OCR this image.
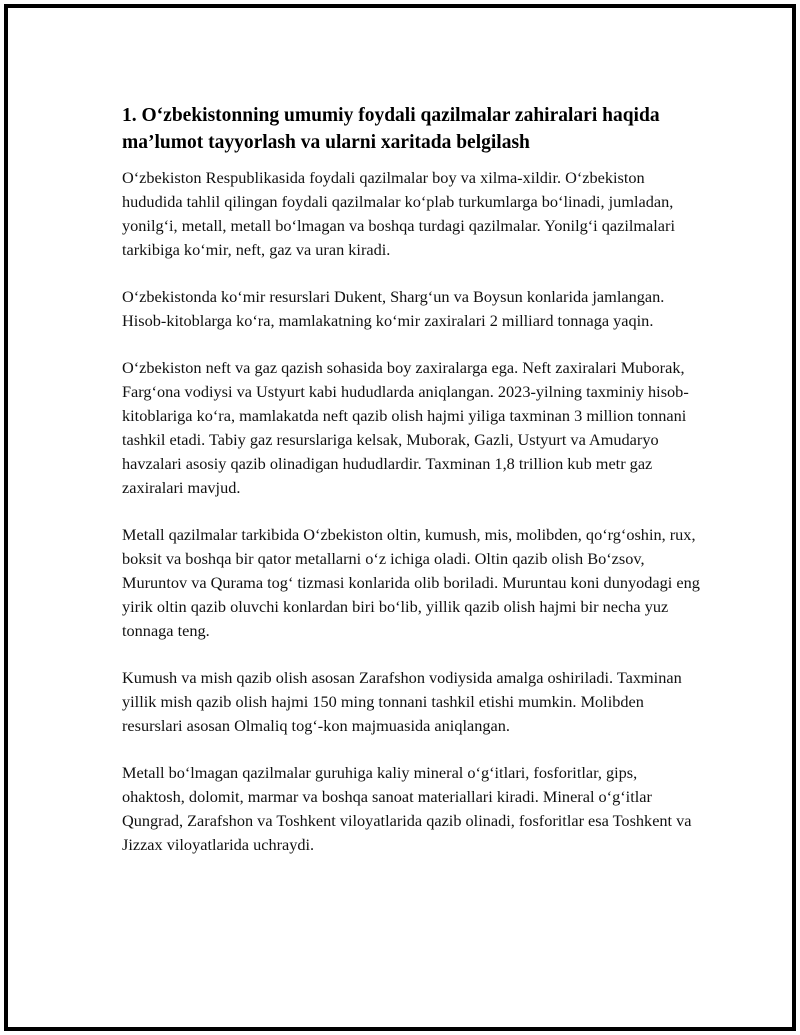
1. O‘zbekistonning umumiy foydali qazilmalar zahiralari haqida ma’lumot tayyorlash va ularni xaritada belgilash

O‘zbekiston Respublikasida foydali qazilmalar boy va xilma-xildir. O‘zbekiston hududida tahlil qilingan foydali qazilmalar ko‘plab turkumlarga bo‘linadi, jumladan, yonilg‘i, metall, metall bo‘lmagan va boshqa turdagi qazilmalar. Yonilg‘i qazilmalari tarkibiga ko‘mir, neft, gaz va uran kiradi.

O‘zbekistonda ko‘mir resurslari Dukent, Sharg‘un va Boysun konlarida jamlangan. Hisob-kitoblarga ko‘ra, mamlakatning ko‘mir zaxiralari 2 milliard tonnaga yaqin.

O‘zbekiston neft va gaz qazish sohasida boy zaxiralarga ega. Neft zaxiralari Muborak, Farg‘ona vodiysi va Ustyurt kabi hududlarda aniqlangan. 2023-yilning taxminiy hisob-kitoblariga ko‘ra, mamlakatda neft qazib olish hajmi yiliga taxminan 3 million tonnani tashkil etadi. Tabiy gaz resurslariga kelsak, Muborak, Gazli, Ustyurt va Amudaryo havzalari asosiy qazib olinadigan hududlardir. Taxminan 1,8 trillion kub metr gaz zaxiralari mavjud.

Metall qazilmalar tarkibida O‘zbekiston oltin, kumush, mis, molibden, qo‘rg‘oshin, rux, boksit va boshqa bir qator metallarni o‘z ichiga oladi. Oltin qazib olish Bo‘zsov, Muruntov va Qurama tog‘ tizmasi konlarida olib boriladi. Muruntau koni dunyodagi eng yirik oltin qazib oluvchi konlardan biri bo‘lib, yillik qazib olish hajmi bir necha yuz tonnaga teng.

Kumush va mish qazib olish asosan Zarafshon vodiysida amalga oshiriladi. Taxminan yillik mish qazib olish hajmi 150 ming tonnani tashkil etishi mumkin. Molibden resurslari asosan Olmaliq tog‘-kon majmuasida aniqlangan.

Metall bo‘lmagan qazilmalar guruhiga kaliy mineral o‘g‘itlari, fosforitlar, gips, ohaktosh, dolomit, marmar va boshqa sanoat materiallari kiradi. Mineral o‘g‘itlar Qungrad, Zarafshon va Toshkent viloyatlarida qazib olinadi, fosforitlar esa Toshkent va Jizzax viloyatlarida uchraydi.
